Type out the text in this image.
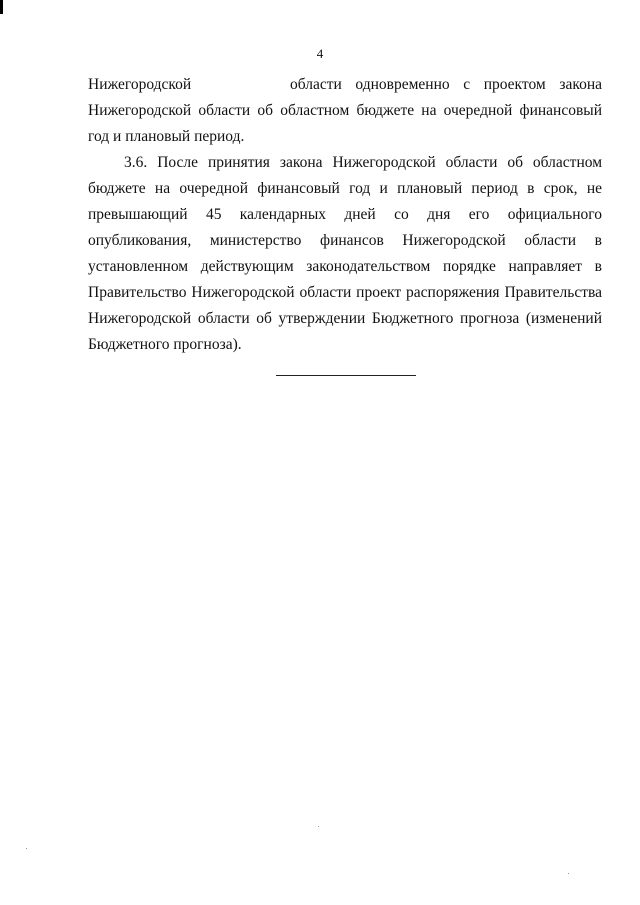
4
Нижегородской	области одновременно с проектом закона
Нижегородской области об областном бюджете на очередной финансовый
год и плановый период.
3.6. После принятия закона Нижегородской области об областном
бюджете на очередной финансовый год и плановый период в срок, не
превышающий 45 календарных дней со дня его официального
опубликования, министерство финансов Нижегородской области в
установленном действующим законодательством порядке направляет в
Правительство Нижегородской области проект распоряжения Правительства
Нижегородской области об утверждении Бюджетного прогноза (изменений
Бюджетного прогноза).
